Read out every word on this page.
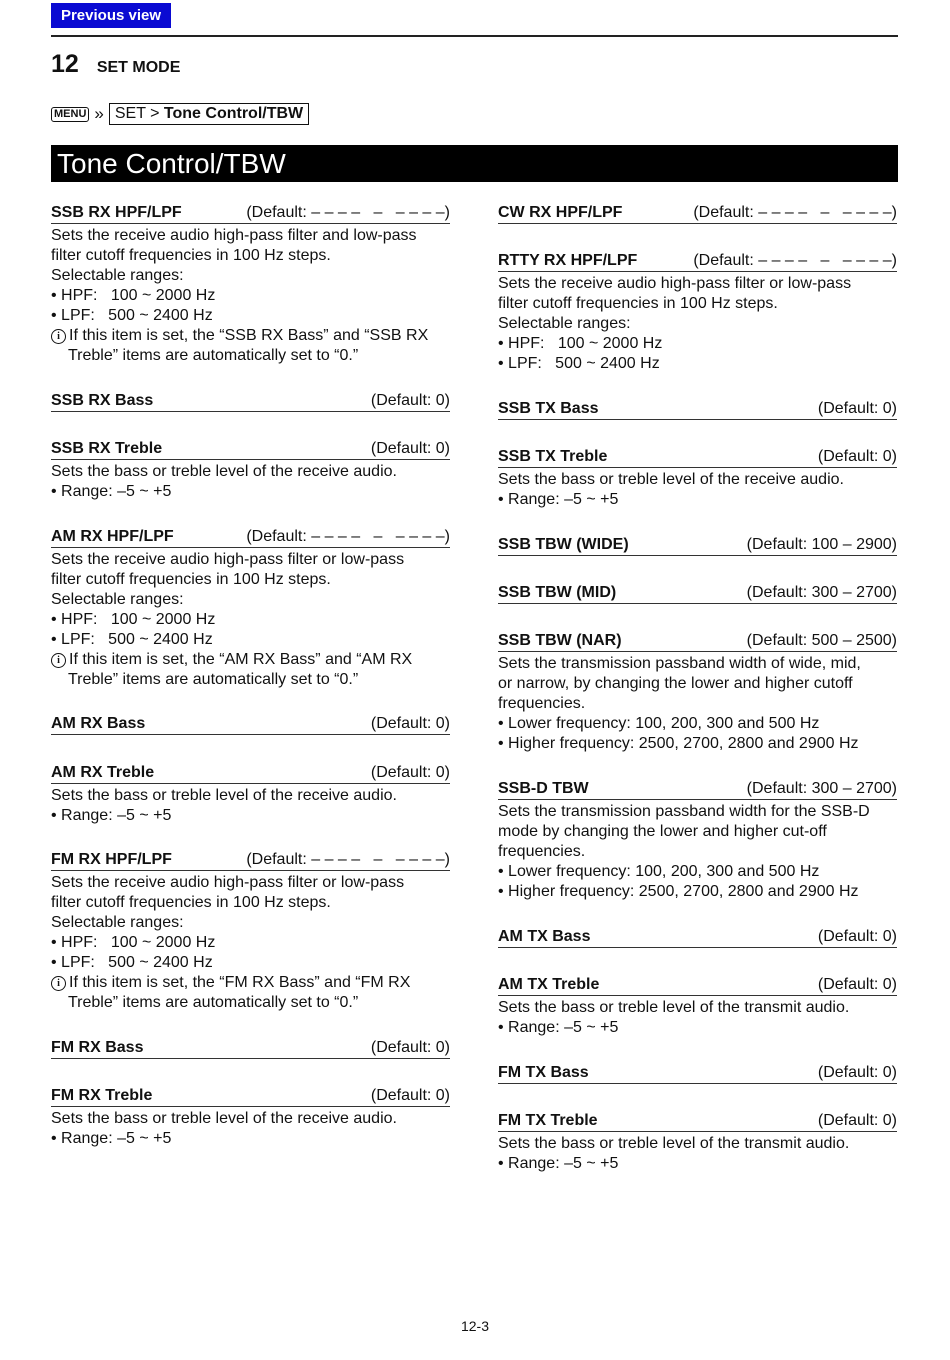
Previous view
12 SET MODE
MENU » SET > Tone Control/TBW
Tone Control/TBW
SSB RX HPF/LPF	(Default: – – – –   –   – – – –)

Sets the receive audio high-pass filter and low-pass

filter cutoff frequencies in 100 Hz steps.

Selectable ranges:

• HPF:   100 ~ 2000 Hz

• LPF:   500 ~ 2400 Hz

i If this item is set, the “SSB RX Bass” and “SSB RX

Treble” items are automatically set to “0.”

SSB RX Bass	(Default: 0)
SSB RX Treble	(Default: 0)

Sets the bass or treble level of the receive audio.

• Range: –5 ~ +5

AM RX HPF/LPF	(Default: – – – –   –   – – – –)

Sets the receive audio high-pass filter or low-pass

filter cutoff frequencies in 100 Hz steps.

Selectable ranges:

• HPF:   100 ~ 2000 Hz

• LPF:   500 ~ 2400 Hz

i If this item is set, the “AM RX Bass” and “AM RX

Treble” items are automatically set to “0.”

AM RX Bass	(Default: 0)
AM RX Treble	(Default: 0)

Sets the bass or treble level of the receive audio.

• Range: –5 ~ +5

FM RX HPF/LPF	(Default: – – – –   –   – – – –)

Sets the receive audio high-pass filter or low-pass

filter cutoff frequencies in 100 Hz steps.

Selectable ranges:

• HPF:   100 ~ 2000 Hz

• LPF:   500 ~ 2400 Hz

i If this item is set, the “FM RX Bass” and “FM RX

Treble” items are automatically set to “0.”

FM RX Bass	(Default: 0)
FM RX Treble	(Default: 0)

Sets the bass or treble level of the receive audio.

• Range: –5 ~ +5

CW RX HPF/LPF	(Default: – – – –   –   – – – –)
RTTY RX HPF/LPF	(Default: – – – –   –   – – – –)

Sets the receive audio high-pass filter or low-pass

filter cutoff frequencies in 100 Hz steps.

Selectable ranges:

• HPF:   100 ~ 2000 Hz

• LPF:   500 ~ 2400 Hz

SSB TX Bass	(Default: 0)
SSB TX Treble	(Default: 0)

Sets the bass or treble level of the receive audio.

• Range: –5 ~ +5

SSB TBW (WIDE)	(Default: 100 – 2900)
SSB TBW (MID)	(Default: 300 – 2700)
SSB TBW (NAR)	(Default: 500 – 2500)

Sets the transmission passband width of wide, mid,

or narrow, by changing the lower and higher cutoff

frequencies.

• Lower frequency: 100, 200, 300 and 500 Hz

• Higher frequency: 2500, 2700, 2800 and 2900 Hz

SSB-D TBW	(Default: 300 – 2700)

Sets the transmission passband width for the SSB-D

mode by changing the lower and higher cut-off

frequencies.

• Lower frequency: 100, 200, 300 and 500 Hz

• Higher frequency: 2500, 2700, 2800 and 2900 Hz

AM TX Bass	(Default: 0)
AM TX Treble	(Default: 0)

Sets the bass or treble level of the transmit audio.

• Range: –5 ~ +5

FM TX Bass	(Default: 0)
FM TX Treble	(Default: 0)

Sets the bass or treble level of the transmit audio.

• Range: –5 ~ +5

12-3
